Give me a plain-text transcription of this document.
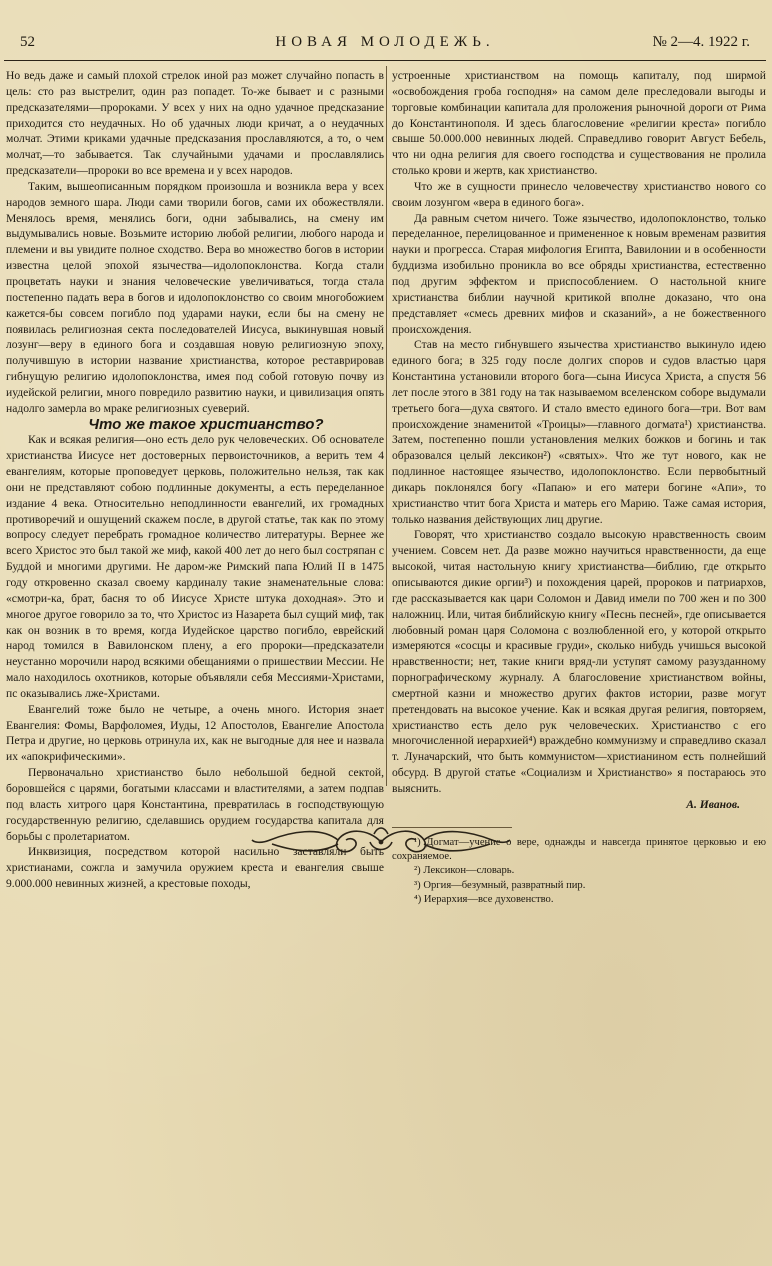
52	НОВАЯ МОЛОДЕЖЬ.	№ 2—4. 1922 г.

Но ведь даже и самый плохой стрелок иной раз может случайно попасть в цель: сто раз выстрелит, один раз попадет. То-же бывает и с разными предсказателями—пророками. У всех у них на одно удачное предсказание приходится сто неудачных. Но об удачных люди кричат, а о неудачных молчат. Этими криками удачные предсказания прославляются, а то, о чем молчат,—то забывается. Так случайными удачами и прославлялись предсказатели—пророки во все времена и у всех народов.

Таким, вышеописанным порядком произошла и возникла вера у всех народов земного шара. Люди сами творили богов, сами их обожествляли. Менялось время, менялись боги, одни забывались, на смену им выдумывались новые. Возьмите историю любой религии, любого народа и племени и вы увидите полное сходство. Вера во множество богов в истории известна целой эпохой язычества—идолопоклонства. Когда стали процветать науки и знания человеческие увеличиваться, тогда стала постепенно падать вера в богов и идолопоклонство со своим многобожием кажется-бы совсем погибло под ударами науки, если бы на смену не появилась религиозная секта последователей Иисуса, выкинувшая новый лозунг—веру в единого бога и создавшая новую религиозную эпоху, получившую в истории название христианства, которое реставрировав гибнущую религию идолопоклонства, имея под собой готовую почву из иудейской религии, много повредило развитию науки, и цивилизация опять надолго замерла во мраке религиозных суеверий.

Что же такое христианство?

Как и всякая религия—оно есть дело рук человеческих. Об основателе христианства Иисусе нет достоверных первоисточников, а верить тем 4 евангелиям, которые проповедует церковь, положительно нельзя, так как они не представляют собою подлинные документы, а есть переделанное издание 4 века. Относительно неподлинности евангелий, их громадных противоречий и ошущений скажем после, в другой статье, так как по этому вопросу следует перебрать громадное количество литературы. Вернее же всего Христос это был такой же миф, какой 400 лет до него был состряпан с Буддой и многими другими. Не даром-же Римский папа Юлий II в 1475 году откровенно сказал своему кардиналу такие знаменательные слова: «смотри-ка, брат, басня то об Иисусе Христе штука доходная». Это и многое другое говорило за то, что Христос из Назарета был сущий миф, так как он возник в то время, когда Иудейское царство погибло, еврейский народ томился в Вавилонском плену, а его пророки—предсказатели неустанно морочили народ всякими обещаниями о пришествии Мессии. Не мало находилось охотников, которые объявляли себя Мессиями-Христами, пс оказывались лже-Христами.

Евангелий тоже было не четыре, а очень много. История знает Евангелия: Фомы, Варфоломея, Иуды, 12 Апостолов, Евангелие Апостола Петра и другие, но церковь отринула их, как не выгодные для нее и назвала их «апокрифическими».

Первоначально христианство было небольшой бедной сектой, боровшейся с царями, богатыми классами и властителями, а затем подпав под власть хитрого царя Константина, превратилась в господствующую государственную религию, сделавшись орудием государства капитала для борьбы с пролетариатом.

Инквизиция, посредством которой насильно заставляли быть христианами, сожгла и замучила оружием креста и евангелия свыше 9.000.000 невинных жизней, а крестовые походы,

устроенные христианством на помощь капиталу, под ширмой «освобождения гроба господня» на самом деле преследовали выгоды и торговые комбинации капитала для проложения рыночной дороги от Рима до Константинополя. И здесь благословение «религии креста» погибло свыше 50.000.000 невинных людей. Справедливо говорит Август Бебель, что ни одна религия для своего господства и существования не пролила столько крови и жертв, как христианство.

Что же в сущности принесло человечеству христианство нового со своим лозунгом «вера в единого бога».

Да равным счетом ничего. Тоже язычество, идолопоклонство, только переделанное, перелицованное и примененное к новым временам развития науки и прогресса. Старая мифология Египта, Вавилонии и в особенности буддизма изобильно проникла во все обряды христианства, естественно под другим эффектом и приспособлением. О настольной книге христианства библии научной критикой вполне доказано, что она представляет «смесь древних мифов и сказаний», а не божественного происхождения.

Став на место гибнувшего язычества христианство выкинуло идею единого бога; в 325 году после долгих споров и судов властью царя Константина установили второго бога—сына Иисуса Христа, а спустя 56 лет после этого в 381 году на так называемом вселенском соборе выдумали третьего бога—духа святого. И стало вместо единого бога—три. Вот вам происхождение знаменитой «Троицы»—главного догмата¹) христианства. Затем, постепенно пошли установления мелких божков и богинь и так образовался целый лексикон²) «святых». Что же тут нового, как не подлинное настоящее язычество, идолопоклонство. Если первобытный дикарь поклонялся богу «Папаю» и его матери богине «Апи», то христианство чтит бога Христа и матерь его Марию. Таже самая история, только названия действующих лиц другие.

Говорят, что христианство создало высокую нравственность своим учением. Совсем нет. Да разве можно научиться нравственности, да еще высокой, читая настольную книгу христианства—библию, где открыто описываются дикие оргии³) и похождения царей, пророков и патриархов, где рассказывается как цари Соломон и Давид имели по 700 жен и по 300 наложниц. Или, читая библийскую книгу «Песнь песней», где описывается любовный роман царя Соломона с возлюбленной его, у которой открыто измеряются «сосцы и красивые груди», сколько нибудь учишься высокой нравственности; нет, такие книги вряд-ли уступят самому разузданному порнографическому журналу. А благословение христианством войны, смертной казни и множество других фактов истории, разве могут претендовать на высокое учение. Как и всякая другая религия, повторяем, христианство есть дело рук человеческих. Христианство с его многочисленной иерархией⁴) враждебно коммунизму и справедливо сказал т. Луначарский, что быть коммунистом—христианином есть полнейший обсурд. В другой статье «Социализм и Христианство» я постараюсь это выяснить.

А. Иванов.

¹) Догмат—учение о вере, однажды и навсегда принятое церковью и ею сохраняемое.

²) Лексикон—словарь.

³) Оргия—безумный, развратный пир.

⁴) Иерархия—все духовенство.
